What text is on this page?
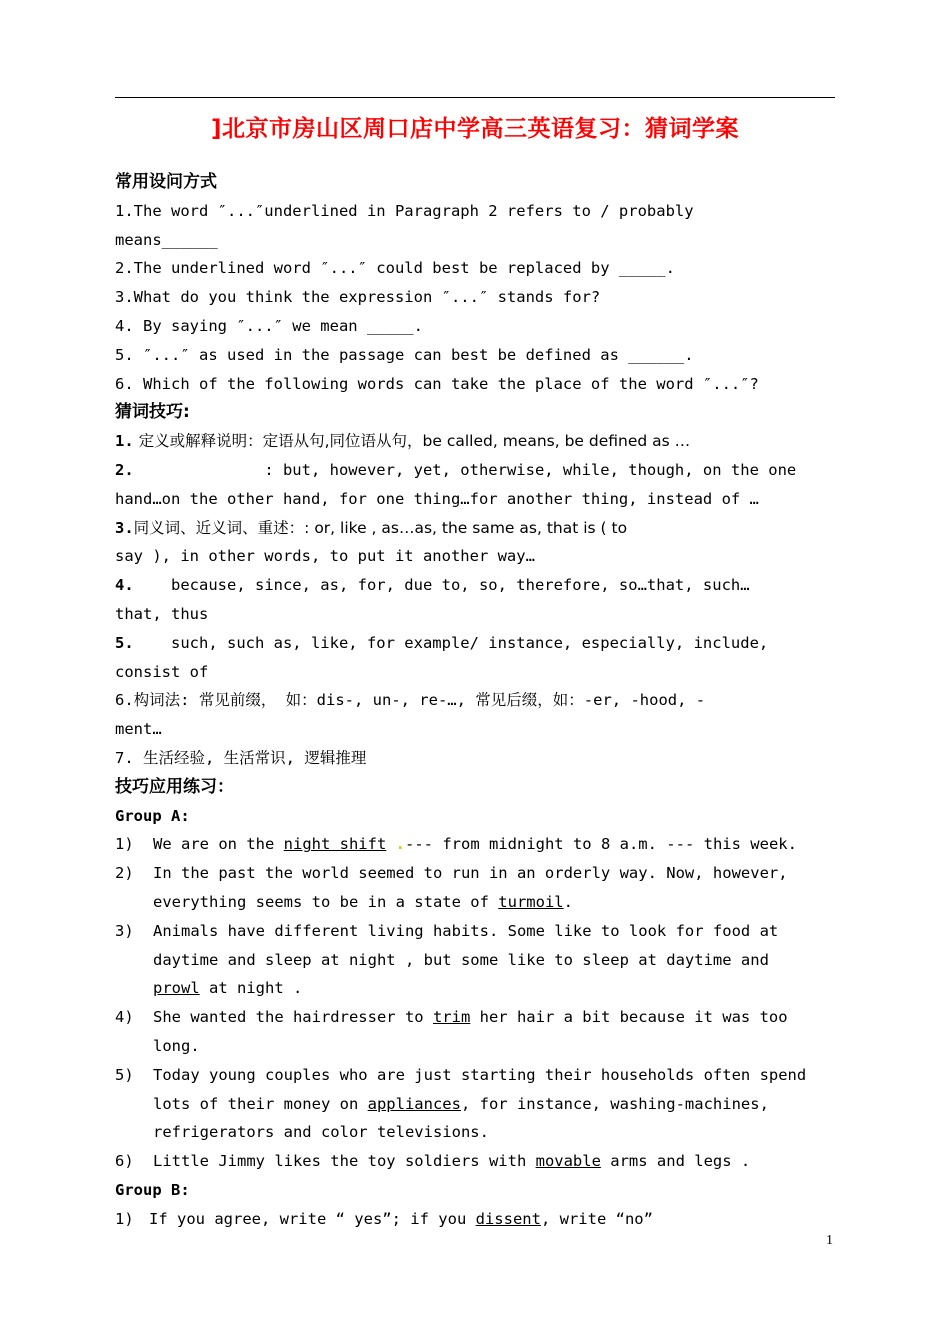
]北京市房山区周口店中学高三英语复习：猜词学案
常用设问方式
1.The word ″...″underlined in Paragraph 2 refers to / probably
means______
2.The underlined word ″...″ could best be replaced by _____.
3.What do you think the expression ″...″ stands for?
4. By saying ″...″ we mean _____.
5. ″...″ as used in the passage can best be defined as ______.
6. Which of the following words can take the place of the word ″...″?
猜词技巧:
1. 定义或解释说明：定语从句,同位语从句，be called, means, be defined as …
2.              : but, however, yet, otherwise, while, though, on the one
hand…on the other hand, for one thing…for another thing, instead of …
3.同义词、近义词、重述：: or, like , as…as, the same as, that is ( to
say ), in other words, to put it another way…
4.    because, since, as, for, due to, so, therefore, so…that, such…
that, thus
5.    such, such as, like, for example/ instance, especially, include,
consist of
6.构词法: 常见前缀， 如：dis-, un-, re-…, 常见后缀，如：-er, -hood, -
ment…
7. 生活经验, 生活常识, 逻辑推理
技巧应用练习：
Group A:
1) We are on the night shift .--- from midnight to 8 a.m. --- this week.
2) In the past the world seemed to run in an orderly way. Now, however,
everything seems to be in a state of turmoil.
3) Animals have different living habits. Some like to look for food at
daytime and sleep at night , but some like to sleep at daytime and
prowl at night .
4) She wanted the hairdresser to trim her hair a bit because it was too
long.
5) Today young couples who are just starting their households often spend
lots of their money on appliances, for instance, washing-machines,
refrigerators and color televisions.
6) Little Jimmy likes the toy soldiers with movable arms and legs .
Group B:
1) If you agree, write “ yes”; if you dissent, write “no”
1
